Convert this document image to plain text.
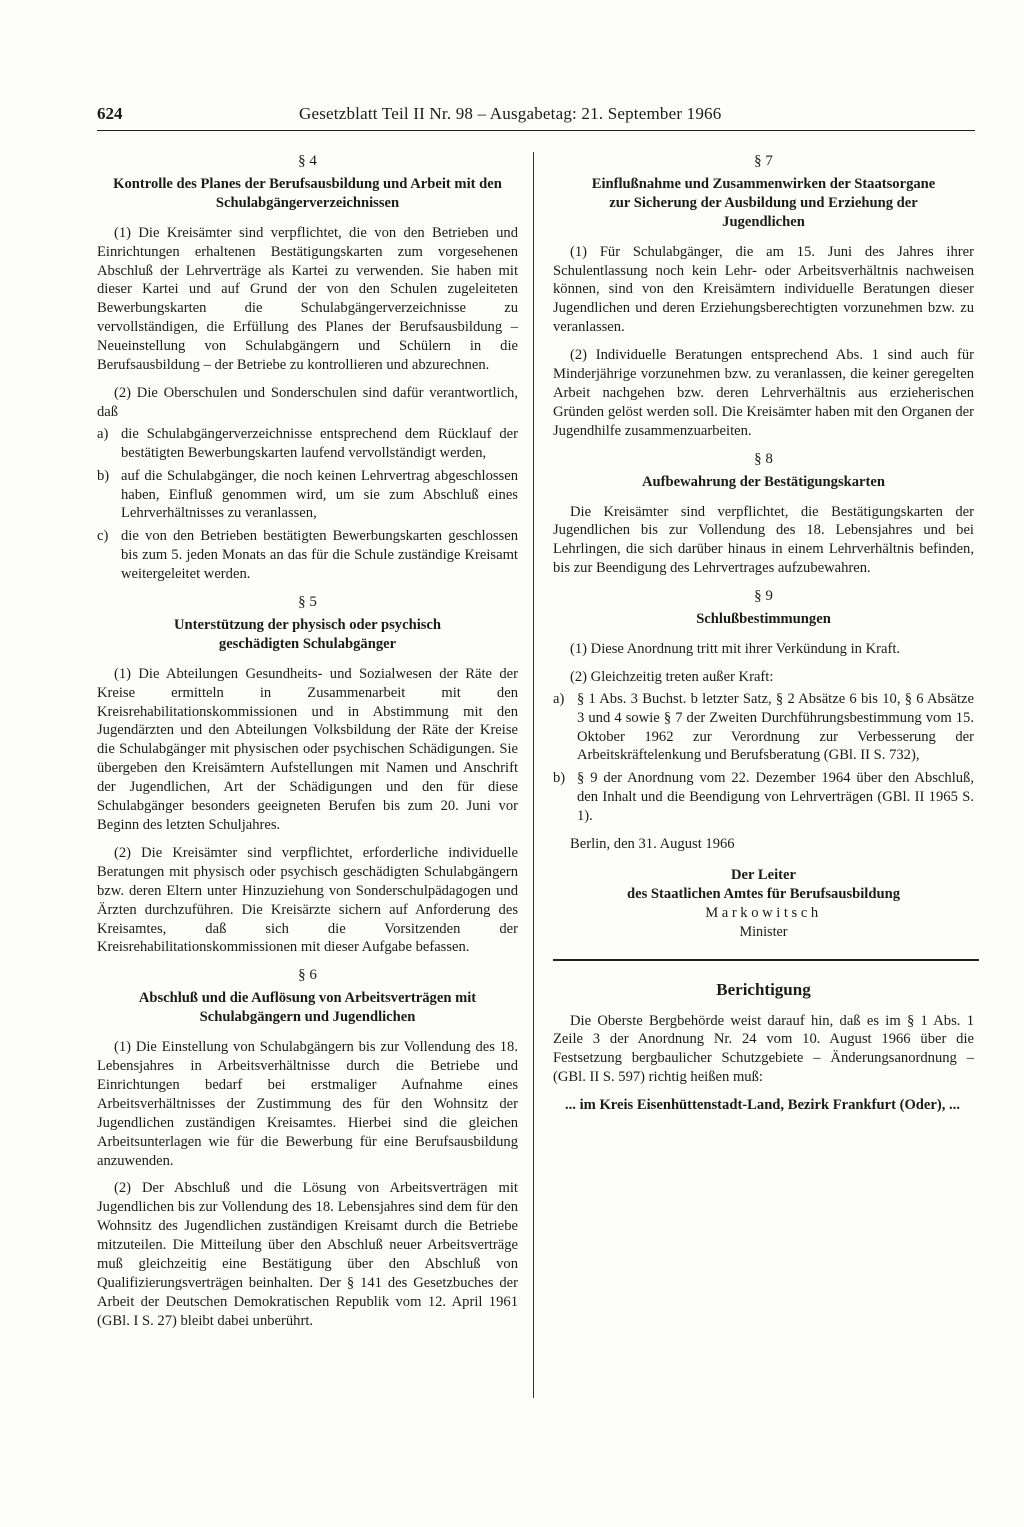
624	Gesetzblatt Teil II Nr. 98 – Ausgabetag: 21. September 1966
§ 4
Kontrolle des Planes der Berufsausbildung und Arbeit mit den Schulabgängerverzeichnissen

(1) Die Kreisämter sind verpflichtet, die von den Betrieben und Einrichtungen erhaltenen Bestätigungskarten zum vorgesehenen Abschluß der Lehrverträge als Kartei zu verwenden. Sie haben mit dieser Kartei und auf Grund der von den Schulen zugeleiteten Bewerbungskarten die Schulabgängerverzeichnisse zu vervollständigen, die Erfüllung des Planes der Berufsausbildung – Neueinstellung von Schulabgängern und Schülern in die Berufsausbildung – der Betriebe zu kontrollieren und abzurechnen.

(2) Die Oberschulen und Sonderschulen sind dafür verantwortlich, daß

a) die Schulabgängerverzeichnisse entsprechend dem Rücklauf der bestätigten Bewerbungskarten laufend vervollständigt werden,
b) auf die Schulabgänger, die noch keinen Lehrvertrag abgeschlossen haben, Einfluß genommen wird, um sie zum Abschluß eines Lehrverhältnisses zu veranlassen,
c) die von den Betrieben bestätigten Bewerbungskarten geschlossen bis zum 5. jeden Monats an das für die Schule zuständige Kreisamt weitergeleitet werden.
§ 5
Unterstützung der physisch oder psychisch geschädigten Schulabgänger

(1) Die Abteilungen Gesundheits- und Sozialwesen der Räte der Kreise ermitteln in Zusammenarbeit mit den Kreisrehabilitationskommissionen und in Abstimmung mit den Jugendärzten und den Abteilungen Volksbildung der Räte der Kreise die Schulabgänger mit physischen oder psychischen Schädigungen. Sie übergeben den Kreisämtern Aufstellungen mit Namen und Anschrift der Jugendlichen, Art der Schädigungen und den für diese Schulabgänger besonders geeigneten Berufen bis zum 20. Juni vor Beginn des letzten Schuljahres.

(2) Die Kreisämter sind verpflichtet, erforderliche individuelle Beratungen mit physisch oder psychisch geschädigten Schulabgängern bzw. deren Eltern unter Hinzuziehung von Sonderschulpädagogen und Ärzten durchzuführen. Die Kreisärzte sichern auf Anforderung des Kreisamtes, daß sich die Vorsitzenden der Kreisrehabilitationskommissionen mit dieser Aufgabe befassen.

§ 6
Abschluß und die Auflösung von Arbeitsverträgen mit Schulabgängern und Jugendlichen

(1) Die Einstellung von Schulabgängern bis zur Vollendung des 18. Lebensjahres in Arbeitsverhältnisse durch die Betriebe und Einrichtungen bedarf bei erstmaliger Aufnahme eines Arbeitsverhältnisses der Zustimmung des für den Wohnsitz der Jugendlichen zuständigen Kreisamtes. Hierbei sind die gleichen Arbeitsunterlagen wie für die Bewerbung für eine Berufsausbildung anzuwenden.

(2) Der Abschluß und die Lösung von Arbeitsverträgen mit Jugendlichen bis zur Vollendung des 18. Lebensjahres sind dem für den Wohnsitz des Jugendlichen zuständigen Kreisamt durch die Betriebe mitzuteilen. Die Mitteilung über den Abschluß neuer Arbeitsverträge muß gleichzeitig eine Bestätigung über den Abschluß von Qualifizierungsverträgen beinhalten. Der § 141 des Gesetzbuches der Arbeit der Deutschen Demokratischen Republik vom 12. April 1961 (GBl. I S. 27) bleibt dabei unberührt.

§ 7
Einflußnahme und Zusammenwirken der Staatsorgane zur Sicherung der Ausbildung und Erziehung der Jugendlichen

(1) Für Schulabgänger, die am 15. Juni des Jahres ihrer Schulentlassung noch kein Lehr- oder Arbeitsverhältnis nachweisen können, sind von den Kreisämtern individuelle Beratungen dieser Jugendlichen und deren Erziehungsberechtigten vorzunehmen bzw. zu veranlassen.

(2) Individuelle Beratungen entsprechend Abs. 1 sind auch für Minderjährige vorzunehmen bzw. zu veranlassen, die keiner geregelten Arbeit nachgehen bzw. deren Lehrverhältnis aus erzieherischen Gründen gelöst werden soll. Die Kreisämter haben mit den Organen der Jugendhilfe zusammenzuarbeiten.

§ 8
Aufbewahrung der Bestätigungskarten

Die Kreisämter sind verpflichtet, die Bestätigungskarten der Jugendlichen bis zur Vollendung des 18. Lebensjahres und bei Lehrlingen, die sich darüber hinaus in einem Lehrverhältnis befinden, bis zur Beendigung des Lehrvertrages aufzubewahren.

§ 9
Schlußbestimmungen

(1) Diese Anordnung tritt mit ihrer Verkündung in Kraft.

(2) Gleichzeitig treten außer Kraft:

a) § 1 Abs. 3 Buchst. b letzter Satz, § 2 Absätze 6 bis 10, § 6 Absätze 3 und 4 sowie § 7 der Zweiten Durchführungsbestimmung vom 15. Oktober 1962 zur Verordnung zur Verbesserung der Arbeitskräftelenkung und Berufsberatung (GBl. II S. 732),
b) § 9 der Anordnung vom 22. Dezember 1964 über den Abschluß, den Inhalt und die Beendigung von Lehrverträgen (GBl. II 1965 S. 1).

Berlin, den 31. August 1966

Der Leiter
des Staatlichen Amtes für Berufsausbildung
Markowitsch
Minister
Berichtigung

Die Oberste Bergbehörde weist darauf hin, daß es im § 1 Abs. 1 Zeile 3 der Anordnung Nr. 24 vom 10. August 1966 über die Festsetzung bergbaulicher Schutzgebiete – Änderungsanordnung – (GBl. II S. 597) richtig heißen muß:

... im Kreis Eisenhüttenstadt-Land, Bezirk Frankfurt (Oder), ...
